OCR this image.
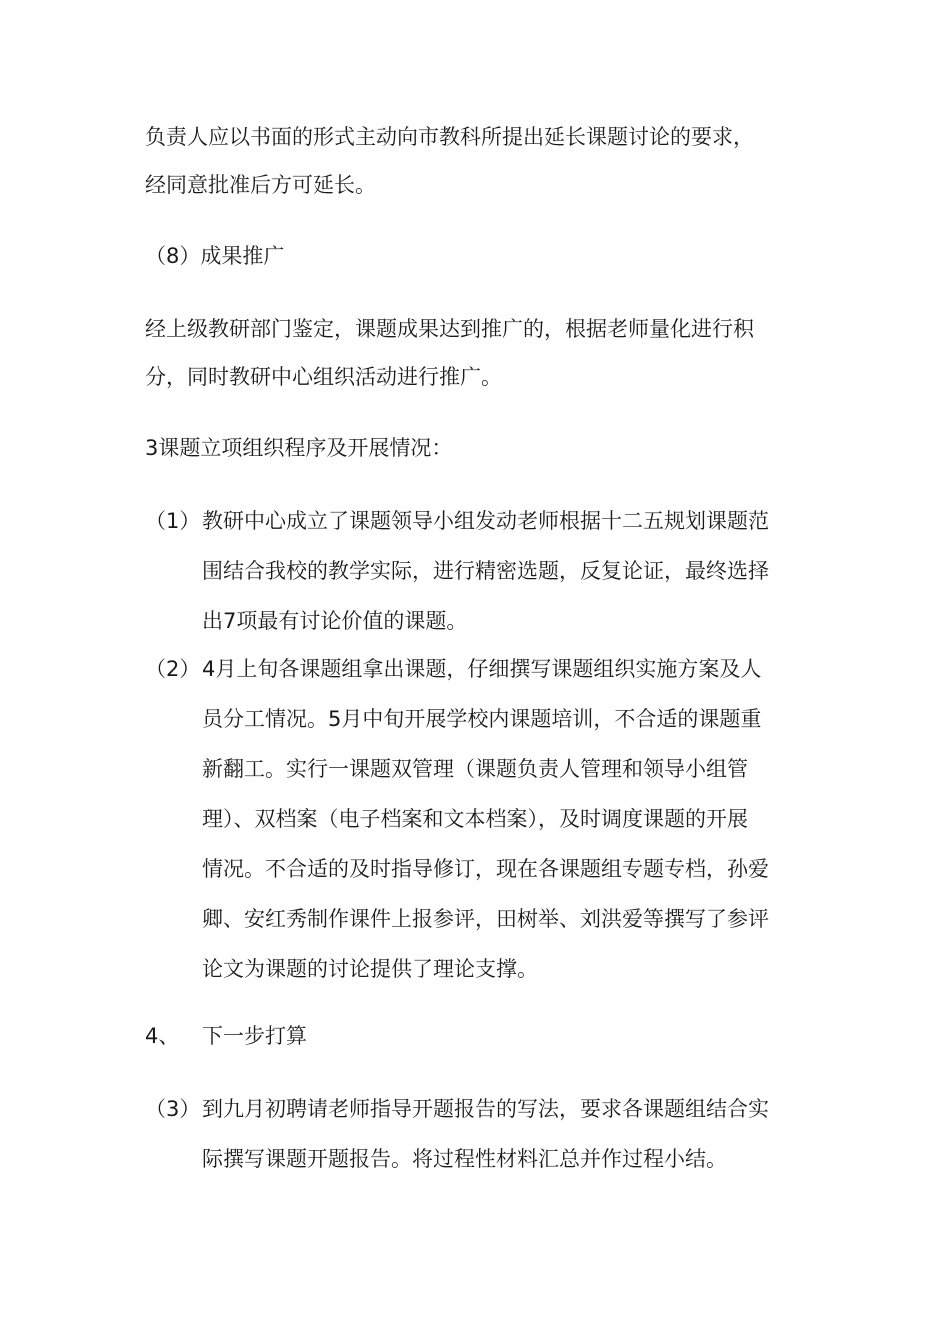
负责人应以书面的形式主动向市教科所提出延长课题讨论的要求，
经同意批准后方可延长。
（8）成果推广
经上级教研部门鉴定，课题成果达到推广的，根据老师量化进行积
分，同时教研中心组织活动进行推广。
3课题立项组织程序及开展情况：
（1） 教研中心成立了课题领导小组发动老师根据十二五规划课题范
围结合我校的教学实际，进行精密选题，反复论证，最终选择
出7项最有讨论价值的课题。
（2） 4月上旬各课题组拿出课题，仔细撰写课题组织实施方案及人
员分工情况。5月中旬开展学校内课题培训，不合适的课题重
新翻工。实行一课题双管理（课题负责人管理和领导小组管
理）、双档案（电子档案和文本档案），及时调度课题的开展
情况。不合适的及时指导修订，现在各课题组专题专档，孙爱
卿、安红秀制作课件上报参评，田树举、刘洪爱等撰写了参评
论文为课题的讨论提供了理论支撑。
4、	下一步打算
（3） 到九月初聘请老师指导开题报告的写法，要求各课题组结合实
际撰写课题开题报告。将过程性材料汇总并作过程小结。
